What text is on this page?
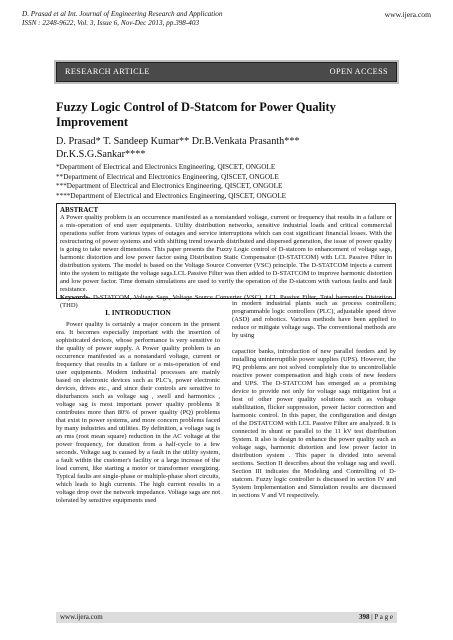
D. Prasad et al Int. Journal of Engineering Research and Application
ISSN : 2248-9622, Vol. 3, Issue 6, Nov-Dec 2013, pp.398-403
www.ijera.com
RESEARCH ARTICLE	OPEN ACCESS
Fuzzy Logic Control of D-Statcom for Power Quality Improvement
D. Prasad* T. Sandeep Kumar** Dr.B.Venkata Prasanth***
Dr.K.S.G.Sankar****
*Department of Electrical and Electronics Engineering, QISCET, ONGOLE
**Department of Electrical and Electronics Engineering, QISCET, ONGOLE
***Department of Electrical and Electronics Engineering, QISCET, ONGOLE
****Department of Electrical and Electronics Engineering, QISCET, ONGOLE
ABSTRACT
A Power quality problem is an occurrence manifested as a nonstandard voltage, current or frequency that results in a failure or a mis-operation of end user equipments. Utility distribution networks, sensitive industrial loads and critical commercial operations suffer from various types of outages and service interruptions which can cost significant financial losses. With the restructuring of power systems and with shifting trend towards distributed and dispersed generation, the issue of power quality is going to take newer dimensions. This paper presents the Fuzzy Logic control of D-statcom to enhancement of voltage sags, harmonic distortion and low power factor using Distribution Static Compensator (D-STATCOM) with LCL Passive Filter in distribution system. The model is based on the Voltage Source Converter (VSC) principle. The D-STATCOM injects a current into the system to mitigate the voltage sags.LCL Passive Filter was then added to D-STATCOM to improve harmonic distortion and low power factor. Time domain simulations are used to verify the operation of the D-statcom with various faults and fault resistance.
Keywords- D-STATCOM, Voltage Sags, Voltage Source Converter (VSC), LCL Passive Filter, Total harmonics Distortion (THD)
I. INTRODUCTION

Power quality is certainly a major concern in the present era. It becomes especially important with the insertion of sophisticated devices, whose performance is very sensitive to the quality of power supply. A Power quality problem is an occurrence manifested as a nonstandard voltage, current or frequency that results in a failure or a mis-operation of end user equipments. Modern industrial processes are mainly based on electronic devices such as PLC's, power electronic devices, drives etc., and since their controls are sensitive to disturbances such as voltage sag , swell and harmonics , voltage sag is most important power quality problems It contributes more than 80% of power quality (PQ) problems that exist in power systems, and more concern problems faced by many industries and utilities. By definition, a voltage sag is an rms (root mean square) reduction in the AC voltage at the power frequency, for duration from a half-cycle to a few seconds. Voltage sag is caused by a fault in the utility system, a fault within the customer's facility or a large increase of the load current, like starting a motor or transformer energizing. Typical faults are single-phase or multiple-phase short circuits, which leads to high currents. The high current results in a voltage drop over the network impedance. Voltage sags are not tolerated by sensitive equipments used

in modern industrial plants such as process controllers; programmable logic controllers (PLC), adjustable speed drive (ASD) and robotics. Various methods have been applied to reduce or mitigate voltage sags. The conventional methods are by using

capacitor banks, introduction of new parallel feeders and by installing uninterruptible power supplies (UPS). However, the PQ problems are not solved completely due to uncontrollable reactive power compensation and high costs of new feeders and UPS. The D-STATCOM has emerged as a promising device to provide not only for voltage sags mitigation but a host of other power quality solutions such as voltage stabilization, flicker suppression, power factor correction and harmonic control. In this paper, the configuration and design of the DSTATCOM with LCL Passive Filter are analyzed. It is connected in shunt or parallel to the 11 kV test distribution System. It also is design to enhance the power quality such as voltage sags, harmonic distortion and low power factor in distribution system . This paper is divided into several sections. Section II describes about the voltage sag and swell. Section III indicates the Modeling and Controlling of D-statcom. Fuzzy logic controller is discussed in section IV and System Implementation and Simulation results are discussed in sections V and VI respectively.

www.ijera.com	398 | P a g e
